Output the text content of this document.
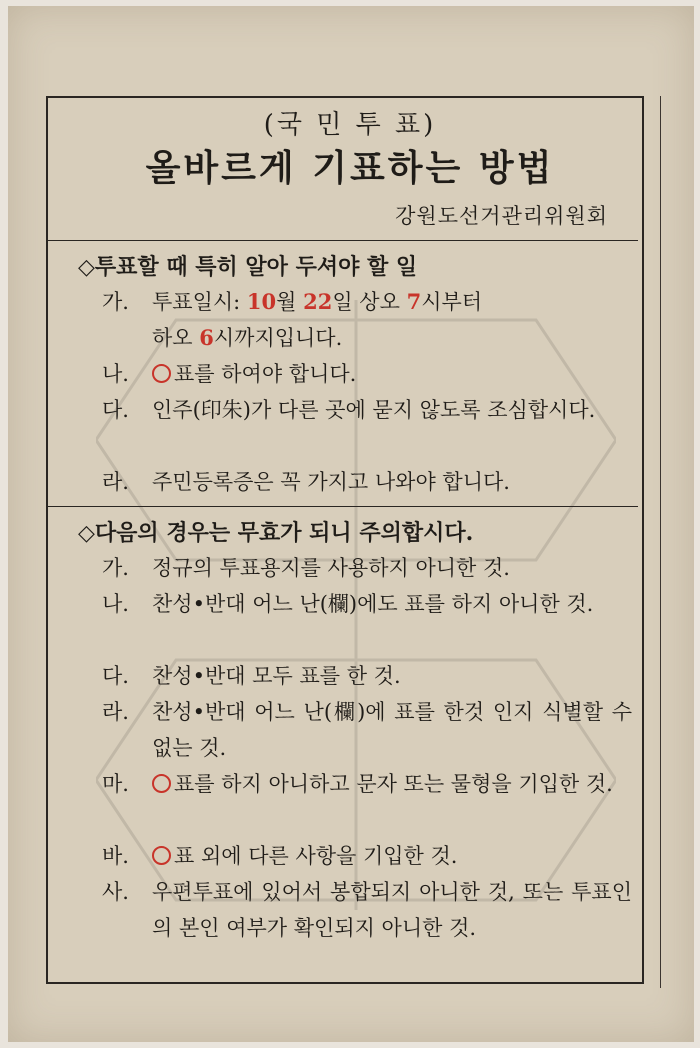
(국 민 투 표)
올바르게 기표하는 방법
강원도선거관리위원회
◇투표할 때 특히 알아 두셔야 할 일
가.	투표일시: 10월 22일 상오 7시부터
하오 6시까지입니다.
나.	표를 하여야 합니다.
다.	인주(印朱)가 다른 곳에 묻지 않도록 조심합시다.
라.	주민등록증은 꼭 가지고 나와야 합니다.
◇다음의 경우는 무효가 되니 주의합시다.
가.	정규의 투표용지를 사용하지 아니한 것.
나.	찬성•반대 어느 난(欄)에도 표를 하지 아니한 것.
다.	찬성•반대 모두 표를 한 것.
라.	찬성•반대 어느 난(欄)에 표를 한것 인지 식별할 수 없는 것.
마.	표를 하지 아니하고 문자 또는 물형을 기입한 것.
바.	표 외에 다른 사항을 기입한 것.
사.	우편투표에 있어서 봉합되지 아니한 것, 또는 투표인의 본인 여부가 확인되지 아니한 것.
